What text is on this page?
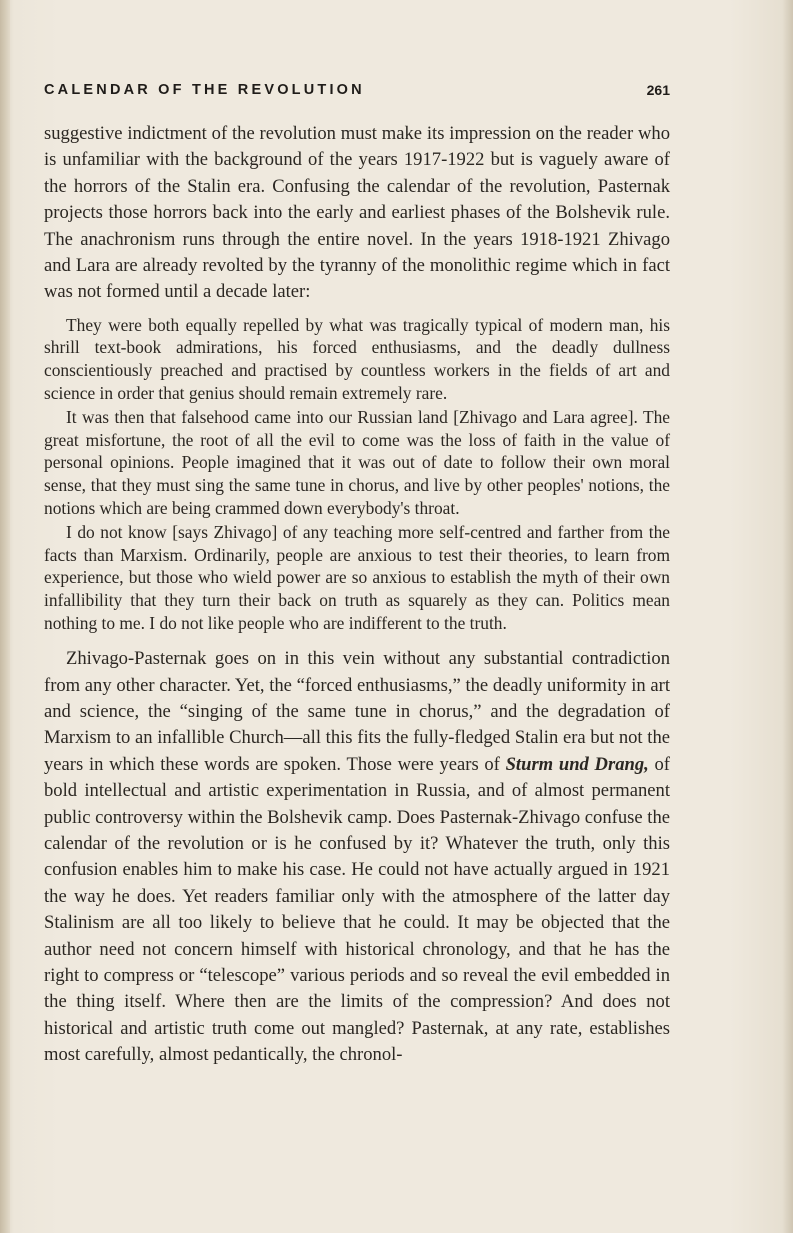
CALENDAR OF THE REVOLUTION	261

suggestive indictment of the revolution must make its impression on the reader who is unfamiliar with the background of the years 1917-1922 but is vaguely aware of the horrors of the Stalin era. Confusing the calendar of the revolution, Pasternak projects those horrors back into the early and earliest phases of the Bolshevik rule. The anachronism runs through the entire novel. In the years 1918-1921 Zhivago and Lara are already revolted by the tyranny of the monolithic regime which in fact was not formed until a decade later:

They were both equally repelled by what was tragically typical of modern man, his shrill text-book admirations, his forced enthusiasms, and the deadly dullness conscientiously preached and practised by countless workers in the fields of art and science in order that genius should remain extremely rare.

It was then that falsehood came into our Russian land [Zhivago and Lara agree]. The great misfortune, the root of all the evil to come was the loss of faith in the value of personal opinions. People imagined that it was out of date to follow their own moral sense, that they must sing the same tune in chorus, and live by other peoples' notions, the notions which are being crammed down everybody's throat.

I do not know [says Zhivago] of any teaching more self-centred and farther from the facts than Marxism. Ordinarily, people are anxious to test their theories, to learn from experience, but those who wield power are so anxious to establish the myth of their own infallibility that they turn their back on truth as squarely as they can. Politics mean nothing to me. I do not like people who are indifferent to the truth.

Zhivago-Pasternak goes on in this vein without any substantial contradiction from any other character. Yet, the “forced enthusiasms,” the deadly uniformity in art and science, the “singing of the same tune in chorus,” and the degradation of Marxism to an infallible Church—all this fits the fully-fledged Stalin era but not the years in which these words are spoken. Those were years of Sturm und Drang, of bold intellectual and artistic experimentation in Russia, and of almost permanent public controversy within the Bolshevik camp. Does Pasternak-Zhivago confuse the calendar of the revolution or is he confused by it? Whatever the truth, only this confusion enables him to make his case. He could not have actually argued in 1921 the way he does. Yet readers familiar only with the atmosphere of the latter day Stalinism are all too likely to believe that he could. It may be objected that the author need not concern himself with historical chronology, and that he has the right to compress or “telescope” various periods and so reveal the evil embedded in the thing itself. Where then are the limits of the compression? And does not historical and artistic truth come out mangled? Pasternak, at any rate, establishes most carefully, almost pedantically, the chronol-
